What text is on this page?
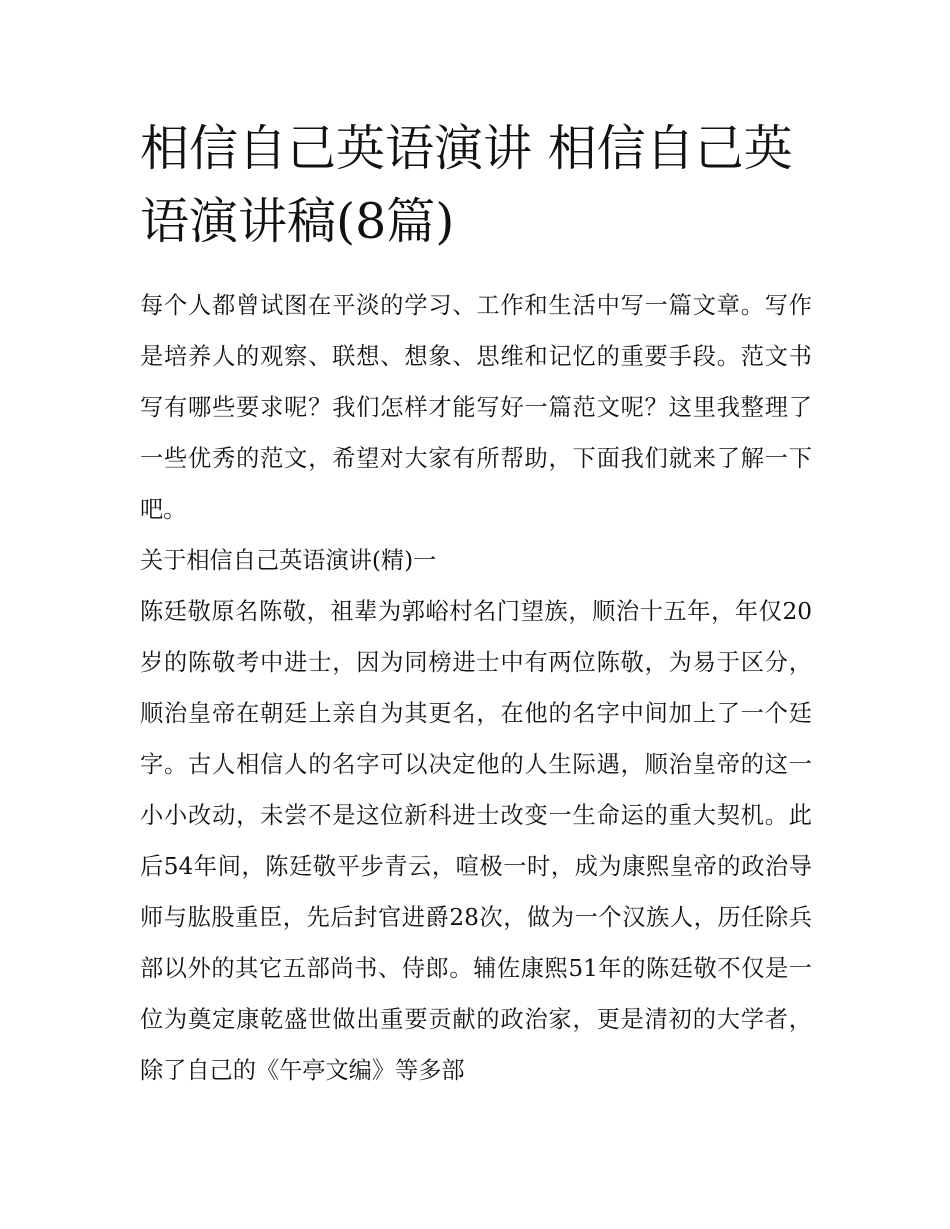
相信自己英语演讲 相信自己英语演讲稿(8篇)

每个人都曾试图在平淡的学习、工作和生活中写一篇文章。写作是培养人的观察、联想、想象、思维和记忆的重要手段。范文书写有哪些要求呢？我们怎样才能写好一篇范文呢？这里我整理了一些优秀的范文，希望对大家有所帮助，下面我们就来了解一下吧。

关于相信自己英语演讲(精)一

陈廷敬原名陈敬，祖辈为郭峪村名门望族，顺治十五年，年仅20岁的陈敬考中进士，因为同榜进士中有两位陈敬，为易于区分，顺治皇帝在朝廷上亲自为其更名，在他的名字中间加上了一个廷字。古人相信人的名字可以决定他的人生际遇，顺治皇帝的这一小小改动，未尝不是这位新科进士改变一生命运的重大契机。此后54年间，陈廷敬平步青云，喧极一时，成为康熙皇帝的政治导师与肱股重臣，先后封官进爵28次，做为一个汉族人，历任除兵部以外的其它五部尚书、侍郎。辅佐康熙51年的陈廷敬不仅是一位为奠定康乾盛世做出重要贡献的政治家，更是清初的大学者，除了自己的《午亭文编》等多部
